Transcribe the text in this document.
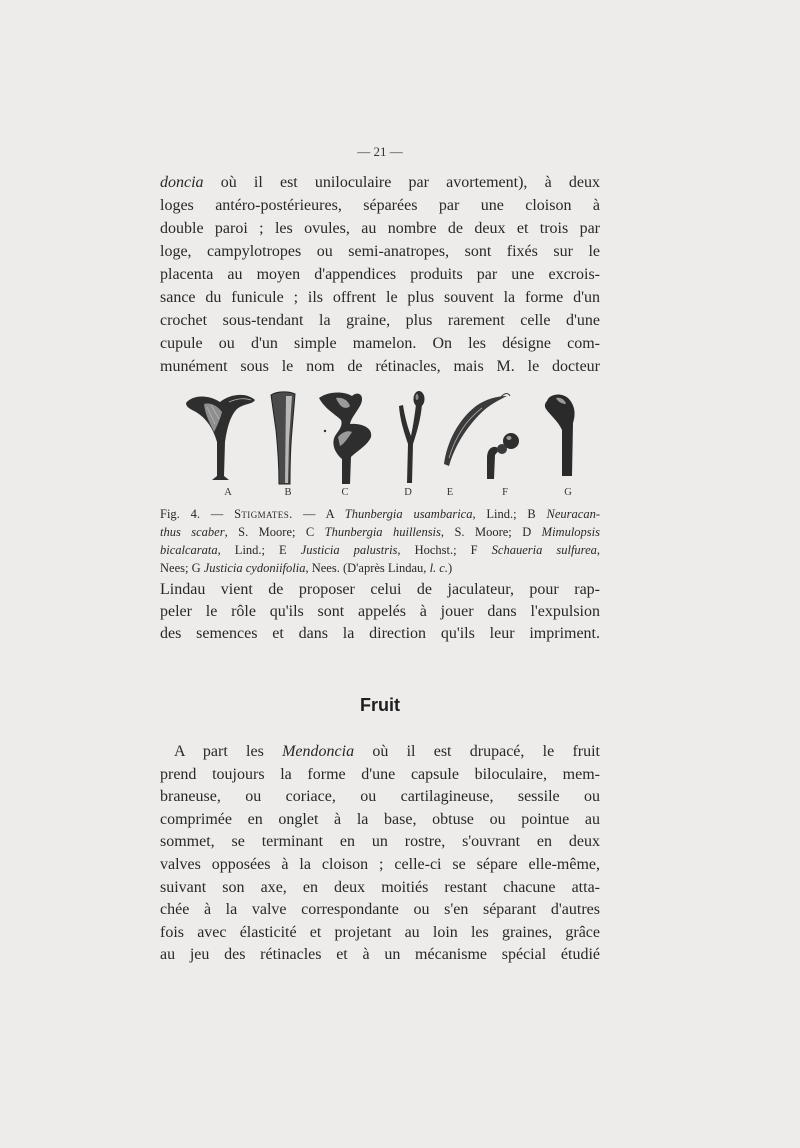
— 21 —
doncia où il est uniloculaire par avortement), à deux
loges antéro-postérieures, séparées par une cloison à
double paroi ; les ovules, au nombre de deux et trois par
loge, campylotropes ou semi-anatropes, sont fixés sur le
placenta au moyen d'appendices produits par une excrois-
sance du funicule ; ils offrent le plus souvent la forme d'un
crochet sous-tendant la graine, plus rarement celle d'une
cupule ou d'un simple mamelon. On les désigne com-
munément sous le nom de rétinacles, mais M. le docteur
A	B	C	D	E	F	G
Fig. 4. — Stigmates. — A Thunbergia usambarica, Lind.; B Neuracan-
thus scaber, S. Moore; C Thunbergia huillensis, S. Moore; D Mimulopsis
bicalcarata, Lind.; E Justicia palustris, Hochst.; F Schaueria sulfurea,
Nees; G Justicia cydoniifolia, Nees. (D'après Lindau, l. c.)
Lindau vient de proposer celui de jaculateur, pour rap-
peler le rôle qu'ils sont appelés à jouer dans l'expulsion
des semences et dans la direction qu'ils leur impriment.
Fruit
A part les Mendoncia où il est drupacé, le fruit
prend toujours la forme d'une capsule biloculaire, mem-
braneuse, ou coriace, ou cartilagineuse, sessile ou
comprimée en onglet à la base, obtuse ou pointue au
sommet, se terminant en un rostre, s'ouvrant en deux
valves opposées à la cloison ; celle-ci se sépare elle-même,
suivant son axe, en deux moitiés restant chacune atta-
chée à la valve correspondante ou s'en séparant d'autres
fois avec élasticité et projetant au loin les graines, grâce
au jeu des rétinacles et à un mécanisme spécial étudié
